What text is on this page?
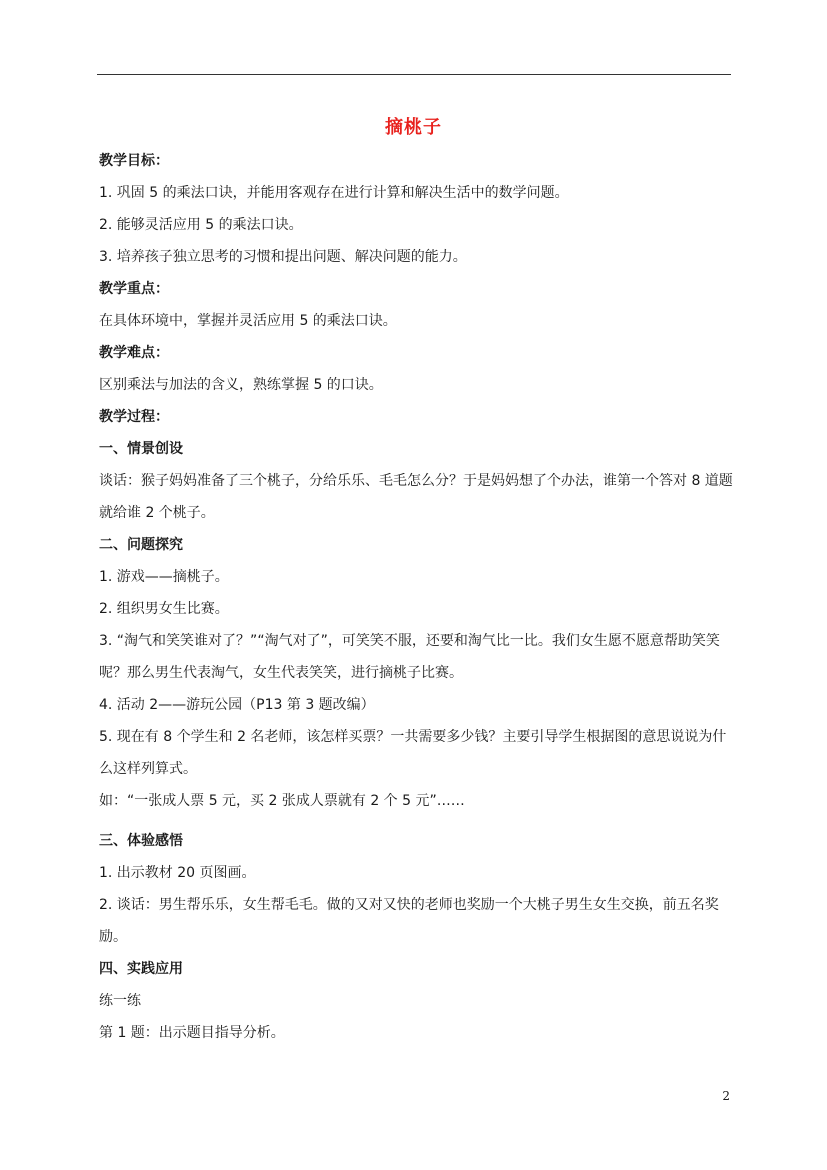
摘桃子
教学目标：
1. 巩固 5 的乘法口诀，并能用客观存在进行计算和解决生活中的数学问题。
2. 能够灵活应用 5 的乘法口诀。
3. 培养孩子独立思考的习惯和提出问题、解决问题的能力。
教学重点：
在具体环境中，掌握并灵活应用 5 的乘法口诀。
教学难点：
区别乘法与加法的含义，熟练掌握 5 的口诀。
教学过程：
一、情景创设
谈话：猴子妈妈准备了三个桃子，分给乐乐、毛毛怎么分？于是妈妈想了个办法，谁第一个答对 8 道题就给谁 2 个桃子。
二、问题探究
1. 游戏——摘桃子。
2. 组织男女生比赛。
3. “淘气和笑笑谁对了？”“淘气对了”，可笑笑不服，还要和淘气比一比。我们女生愿不愿意帮助笑笑呢？那么男生代表淘气，女生代表笑笑，进行摘桃子比赛。
4. 活动 2——游玩公园（P13 第 3 题改编）
5. 现在有 8 个学生和 2 名老师，该怎样买票？一共需要多少钱？主要引导学生根据图的意思说说为什么这样列算式。
如：“一张成人票 5 元，买 2 张成人票就有 2 个 5 元”……
三、体验感悟
1. 出示教材 20 页图画。
2. 谈话：男生帮乐乐，女生帮毛毛。做的又对又快的老师也奖励一个大桃子男生女生交换，前五名奖励。
四、实践应用
练一练
第 1 题：出示题目指导分析。
2
